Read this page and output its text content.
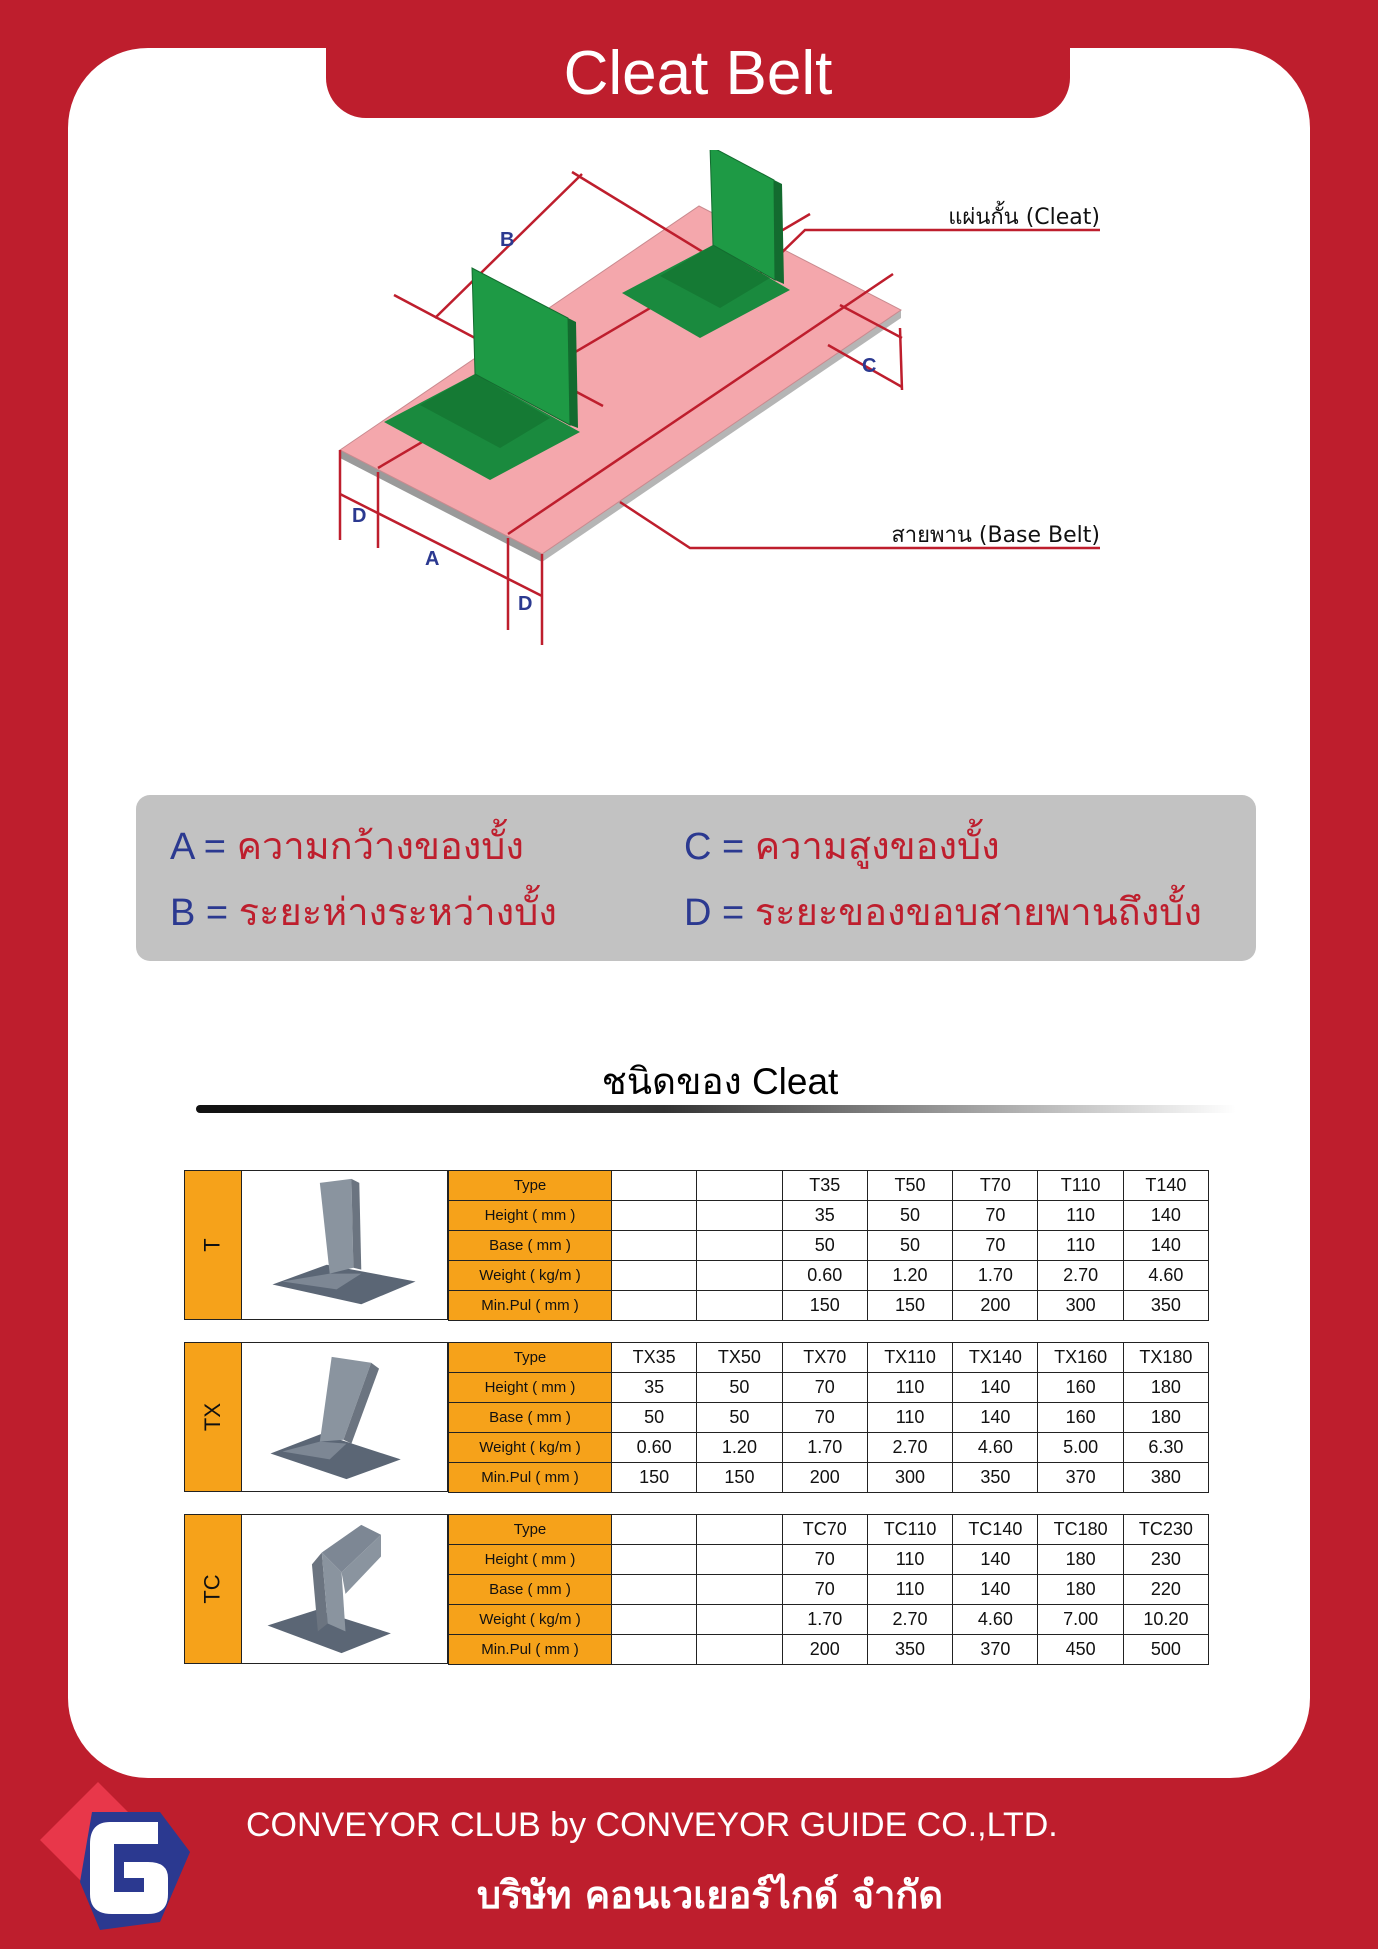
Cleat Belt
B
C
D
A
D
แผ่นกั้น (Cleat)
สายพาน (Base Belt)
A = ความกว้างของบั้ง
B = ระยะห่างระหว่างบั้ง
C = ความสูงของบั้ง
D = ระยะของขอบสายพานถึงบั้ง
ชนิดของ Cleat
T
Type			T35	T50	T70	T110	T140
Height ( mm )			35	50	70	110	140
Base ( mm )			50	50	70	110	140
Weight ( kg/m )			0.60	1.20	1.70	2.70	4.60
Min.Pul ( mm )			150	150	200	300	350
TX
Type	TX35	TX50	TX70	TX110	TX140	TX160	TX180
Height ( mm )	35	50	70	110	140	160	180
Base ( mm )	50	50	70	110	140	160	180
Weight ( kg/m )	0.60	1.20	1.70	2.70	4.60	5.00	6.30
Min.Pul ( mm )	150	150	200	300	350	370	380
TC
Type			TC70	TC110	TC140	TC180	TC230
Height ( mm )			70	110	140	180	230
Base ( mm )			70	110	140	180	220
Weight ( kg/m )			1.70	2.70	4.60	7.00	10.20
Min.Pul ( mm )			200	350	370	450	500
CONVEYOR CLUB by CONVEYOR GUIDE CO.,LTD.
บริษัท คอนเวเยอร์ไกด์ จำกัด
